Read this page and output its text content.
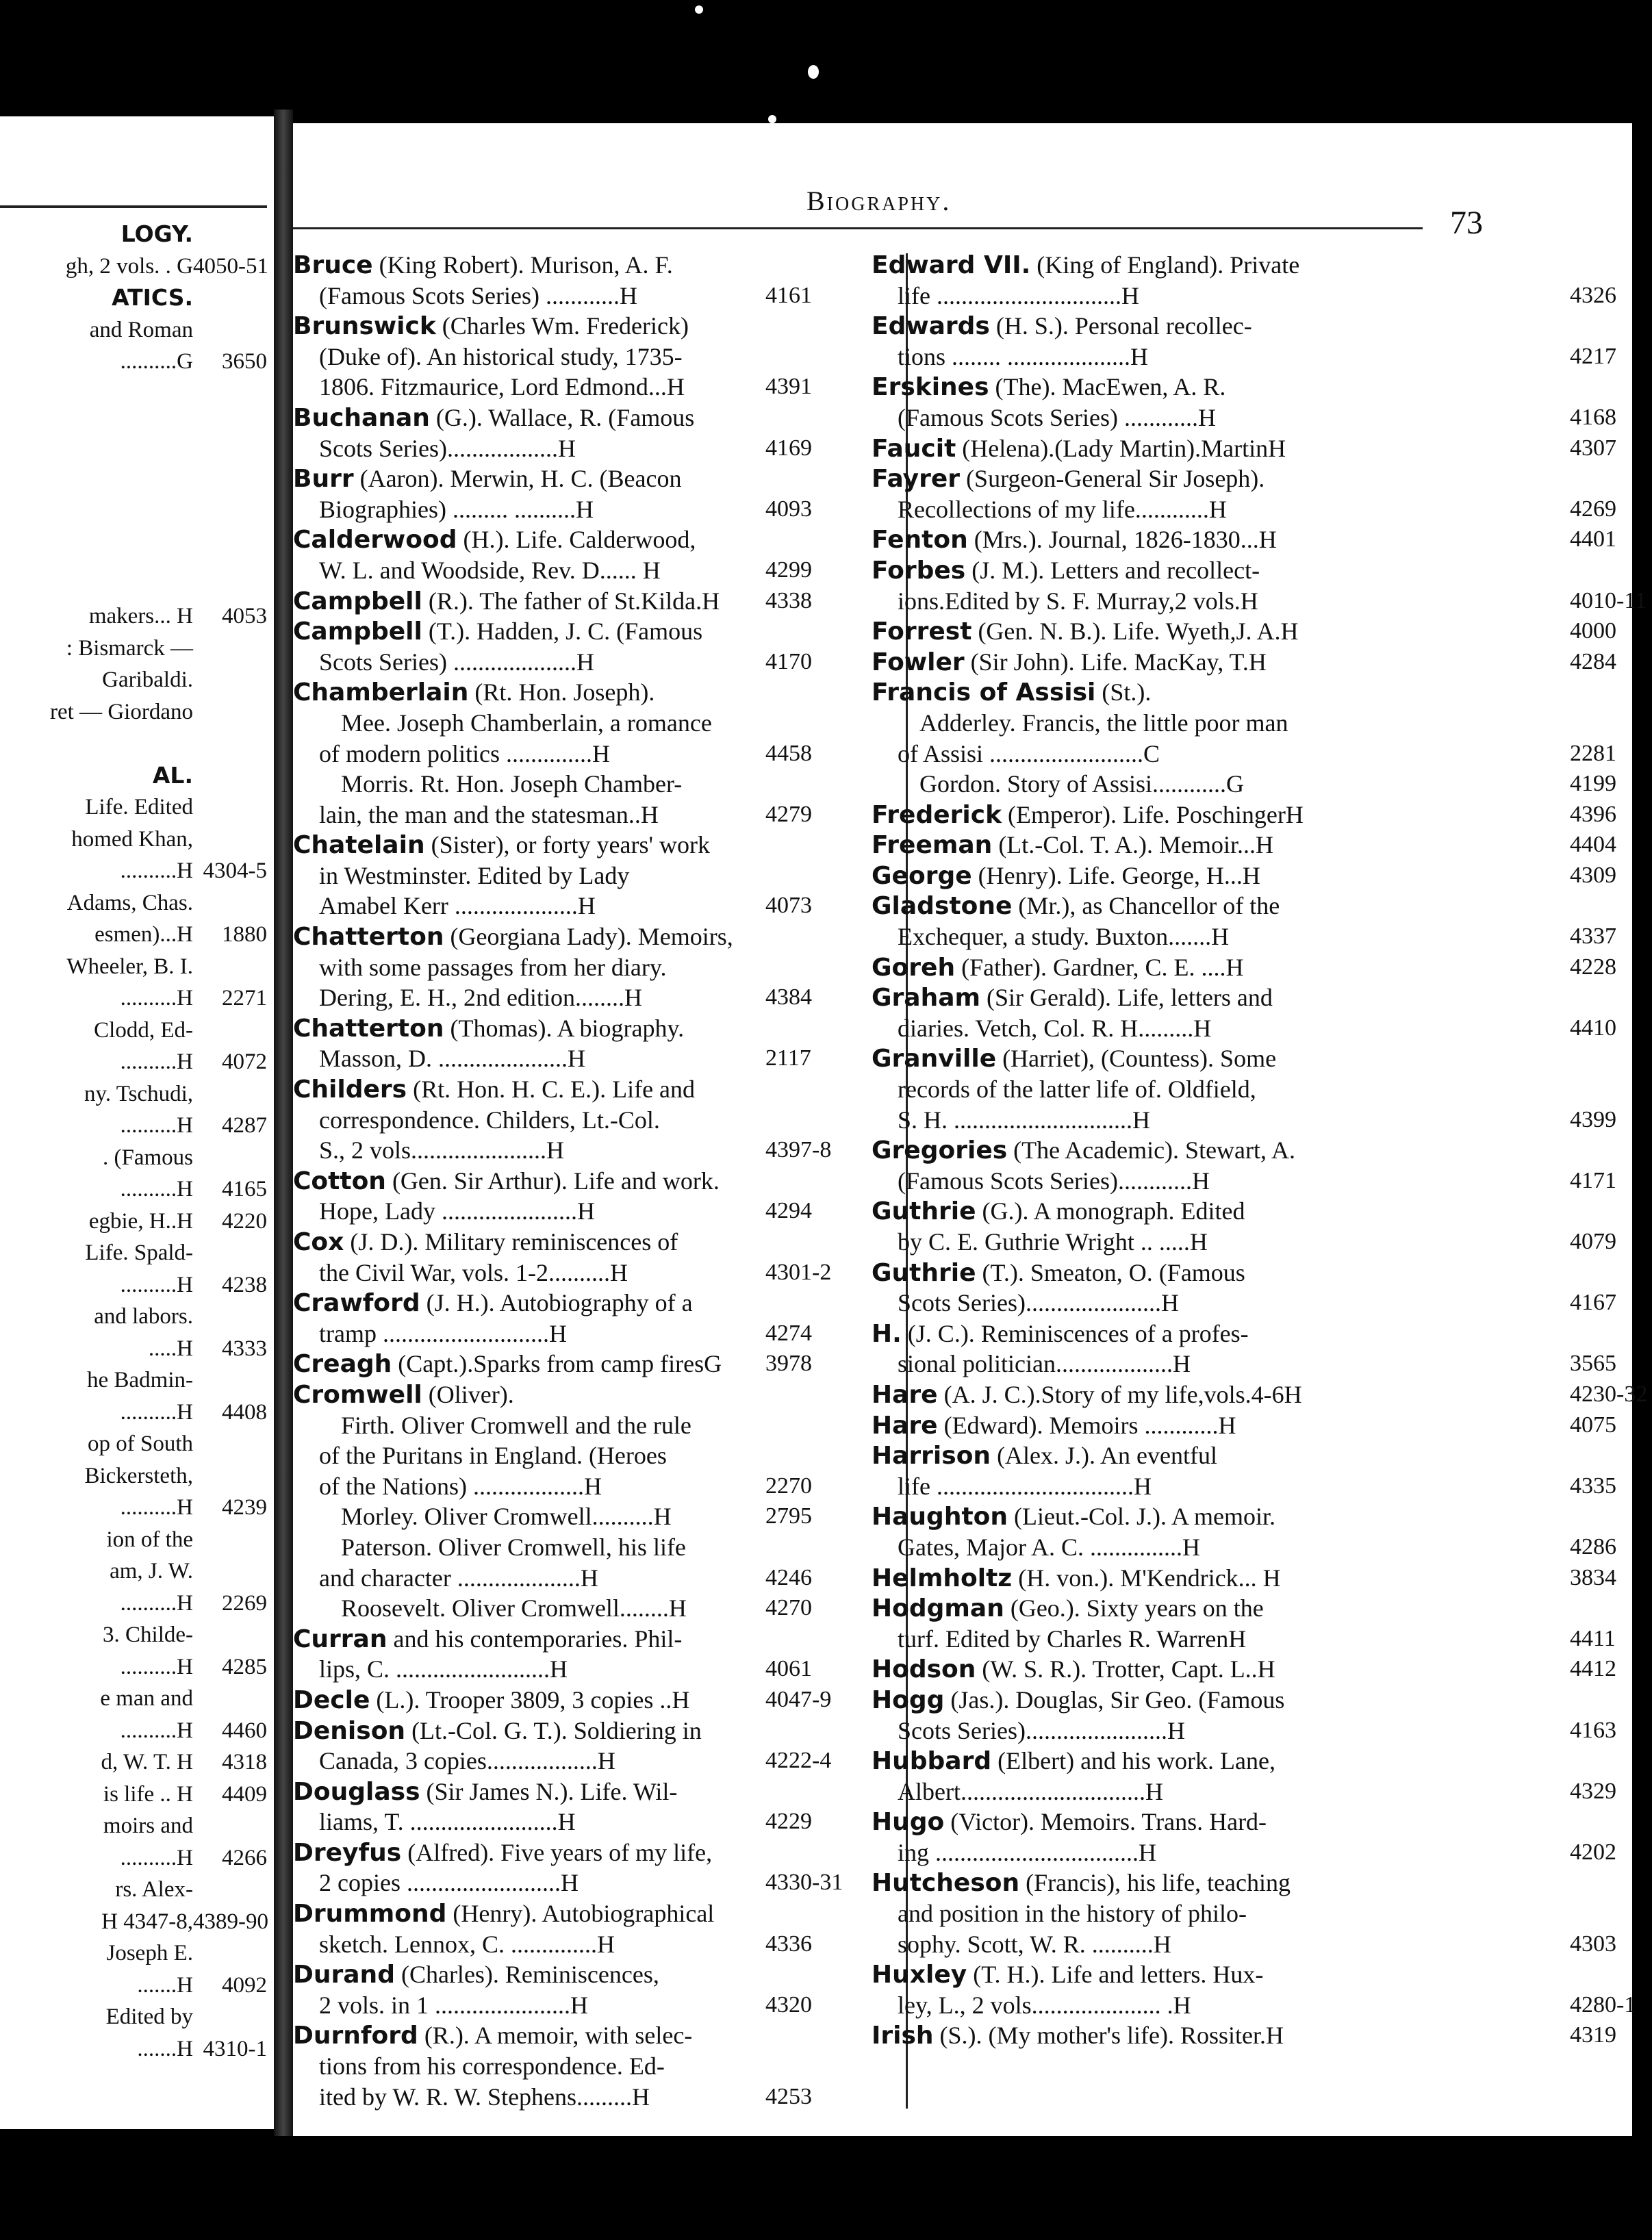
LOGY.
gh, 2 vols. . G 4050-51
ATICS.
and Roman
..........G	3650
makers... H	4053
: Bismarck —
Garibaldi.
ret — Giordano
AL.
Life. Edited
homed Khan,
..........H 4304-5
Adams, Chas.
esmen)...H	1880
Wheeler, B. I.
..........H	2271
Clodd, Ed-
..........H	4072
ny. Tschudi,
..........H	4287
. (Famous
..........H	4165
egbie, H..H	4220
Life. Spald-
..........H	4238
and labors.
.....H	4333
he Badmin-
..........H	4408
op of South
Bickersteth,
..........H	4239
ion of the
am, J. W.
..........H	2269
3. Childe-
..........H	4285
e man and
..........H	4460
d, W. T. H	4318
is life .. H	4409
moirs and
..........H	4266
rs. Alex-
H 4347-8, 4389-90
Joseph E.
.......H	4092
Edited by
.......H 4310-1
Biography.
73
Bruce (King Robert). Murison, A. F.
(Famous Scots Series) ............H	4161
Brunswick (Charles Wm. Frederick)
(Duke of). An historical study, 1735-
1806. Fitzmaurice, Lord Edmond...H	4391
Buchanan (G.). Wallace, R. (Famous
Scots Series)..................H	4169
Burr (Aaron). Merwin, H. C. (Beacon
Biographies) ......... ..........H	4093
Calderwood (H.). Life. Calderwood,
W. L. and Woodside, Rev. D...... H	4299
Campbell (R.). The father of St.Kilda.H 4338
Campbell (T.). Hadden, J. C. (Famous
Scots Series) ....................H	4170
Chamberlain (Rt. Hon. Joseph).
Mee. Joseph Chamberlain, a romance
of modern politics ..............H	4458
Morris. Rt. Hon. Joseph Chamber-
lain, the man and the statesman..H	4279
Chatelain (Sister), or forty years' work
in Westminster. Edited by Lady
Amabel Kerr ....................H	4073
Chatterton (Georgiana Lady). Memoirs,
with some passages from her diary.
Dering, E. H., 2nd edition........H	4384
Chatterton (Thomas). A biography.
Masson, D. .....................H	2117
Childers (Rt. Hon. H. C. E.). Life and
correspondence. Childers, Lt.-Col.
S., 2 vols......................H	4397-8
Cotton (Gen. Sir Arthur). Life and work.
Hope, Lady ......................H	4294
Cox (J. D.). Military reminiscences of
the Civil War, vols. 1-2..........H	4301-2
Crawford (J. H.). Autobiography of a
tramp ...........................H	4274
Creagh (Capt.).Sparks from camp firesG 3978
Cromwell (Oliver).
Firth. Oliver Cromwell and the rule
of the Puritans in England. (Heroes
of the Nations) ..................H	2270
Morley. Oliver Cromwell..........H	2795
Paterson. Oliver Cromwell, his life
and character ....................H	4246
Roosevelt. Oliver Cromwell........H	4270
Curran and his contemporaries. Phil-
lips, C. .........................H	4061
Decle (L.). Trooper 3809, 3 copies ..H	4047-9
Denison (Lt.-Col. G. T.). Soldiering in
Canada, 3 copies..................H	4222-4
Douglass (Sir James N.). Life. Wil-
liams, T. ........................H	4229
Dreyfus (Alfred). Five years of my life,
2 copies .........................H	4330-31
Drummond (Henry). Autobiographical
sketch. Lennox, C. ..............H	4336
Durand (Charles). Reminiscences,
2 vols. in 1 ......................H	4320
Durnford (R.). A memoir, with selec-
tions from his correspondence. Ed-
ited by W. R. W. Stephens.........H	4253
Edward VII. (King of England). Private
life ..............................H	4326
Edwards (H. S.). Personal recollec-
tions ........ ....................H	4217
Erskines (The). MacEwen, A. R.
(Famous Scots Series) ............H	4168
Faucit (Helena).(Lady Martin).MartinH	4307
Fayrer (Surgeon-General Sir Joseph).
Recollections of my life............H	4269
Fenton (Mrs.). Journal, 1826-1830...H	4401
Forbes (J. M.). Letters and recollect-
ions.Edited by S. F. Murray,2 vols.H	4010-11
Forrest (Gen. N. B.). Life. Wyeth,J. A.H	4000
Fowler (Sir John). Life. MacKay, T.H	4284
Francis of Assisi (St.).
Adderley. Francis, the little poor man
of Assisi .........................C	2281
Gordon. Story of Assisi............G	4199
Frederick (Emperor). Life. PoschingerH	4396
Freeman (Lt.-Col. T. A.). Memoir...H	4404
George (Henry). Life. George, H...H	4309
Gladstone (Mr.), as Chancellor of the
Exchequer, a study. Buxton.......H	4337
Goreh (Father). Gardner, C. E. ....H	4228
Graham (Sir Gerald). Life, letters and
diaries. Vetch, Col. R. H.........H	4410
Granville (Harriet), (Countess). Some
records of the latter life of. Oldfield,
S. H. .............................H	4399
Gregories (The Academic). Stewart, A.
(Famous Scots Series)............H	4171
Guthrie (G.). A monograph. Edited
by C. E. Guthrie Wright .. .....H	4079
Guthrie (T.). Smeaton, O. (Famous
Scots Series)......................H	4167
H. (J. C.). Reminiscences of a profes-
sional politician...................H	3565
Hare (A. J. C.).Story of my life,vols.4-6H	4230-32
Hare (Edward). Memoirs ............H	4075
Harrison (Alex. J.). An eventful
life ................................H	4335
Haughton (Lieut.-Col. J.). A memoir.
Gates, Major A. C. ...............H	4286
Helmholtz (H. von.). M'Kendrick... H	3834
Hodgman (Geo.). Sixty years on the
turf. Edited by Charles R. WarrenH	4411
Hodson (W. S. R.). Trotter, Capt. L..H	4412
Hogg (Jas.). Douglas, Sir Geo. (Famous
Scots Series).......................H	4163
Hubbard (Elbert) and his work. Lane,
Albert..............................H	4329
Hugo (Victor). Memoirs. Trans. Hard-
ing .................................H	4202
Hutcheson (Francis), his life, teaching
and position in the history of philo-
sophy. Scott, W. R. ..........H	4303
Huxley (T. H.). Life and letters. Hux-
ley, L., 2 vols..................... .H	4280-1
Irish (S.). (My mother's life). Rossiter.H	4319
